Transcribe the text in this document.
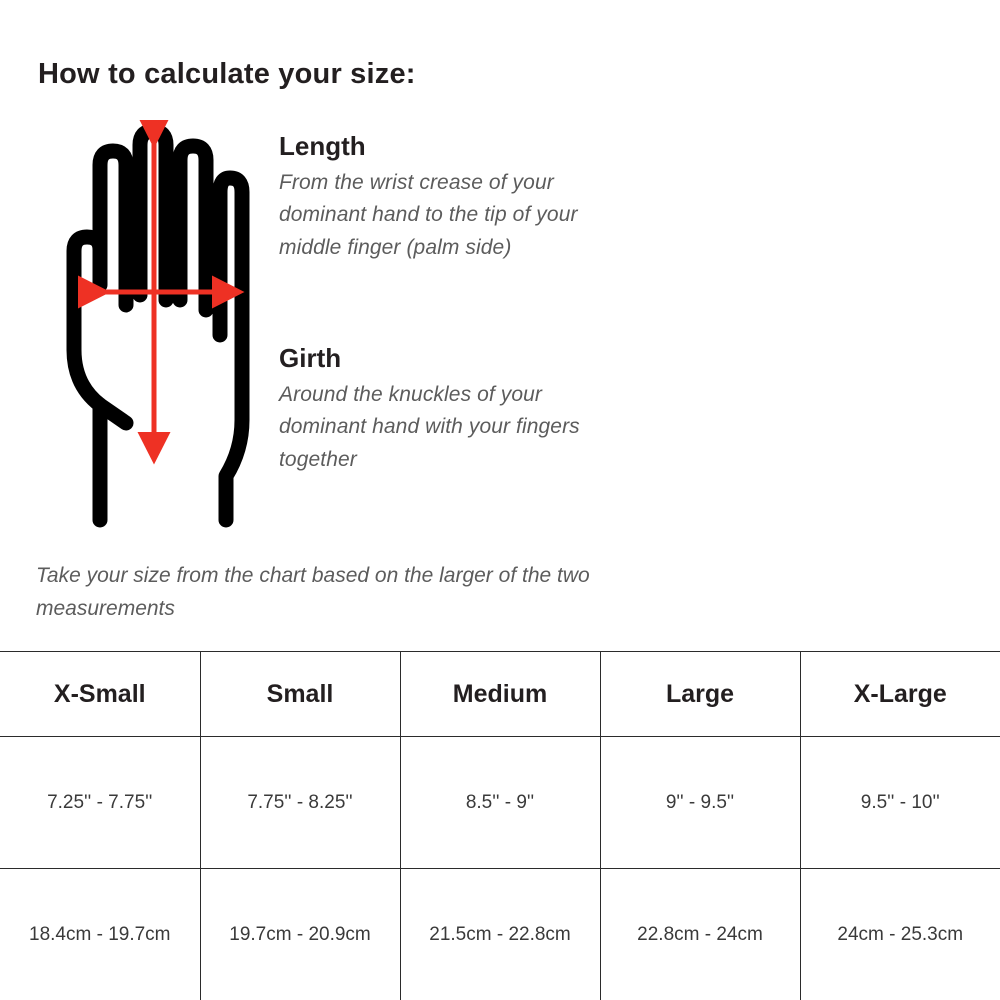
How to calculate your size:
Length
From the wrist crease of your dominant hand to the tip of your middle finger (palm side)
Girth
Around the knuckles of your dominant hand with your fingers together
Take your size from the chart based on the larger of the two measurements
X-Small	Small	Medium	Large	X-Large
7.25'' - 7.75''	7.75'' - 8.25''	8.5'' - 9''	9'' - 9.5''	9.5'' - 10''
18.4cm - 19.7cm	19.7cm - 20.9cm	21.5cm - 22.8cm	22.8cm - 24cm	24cm - 25.3cm
